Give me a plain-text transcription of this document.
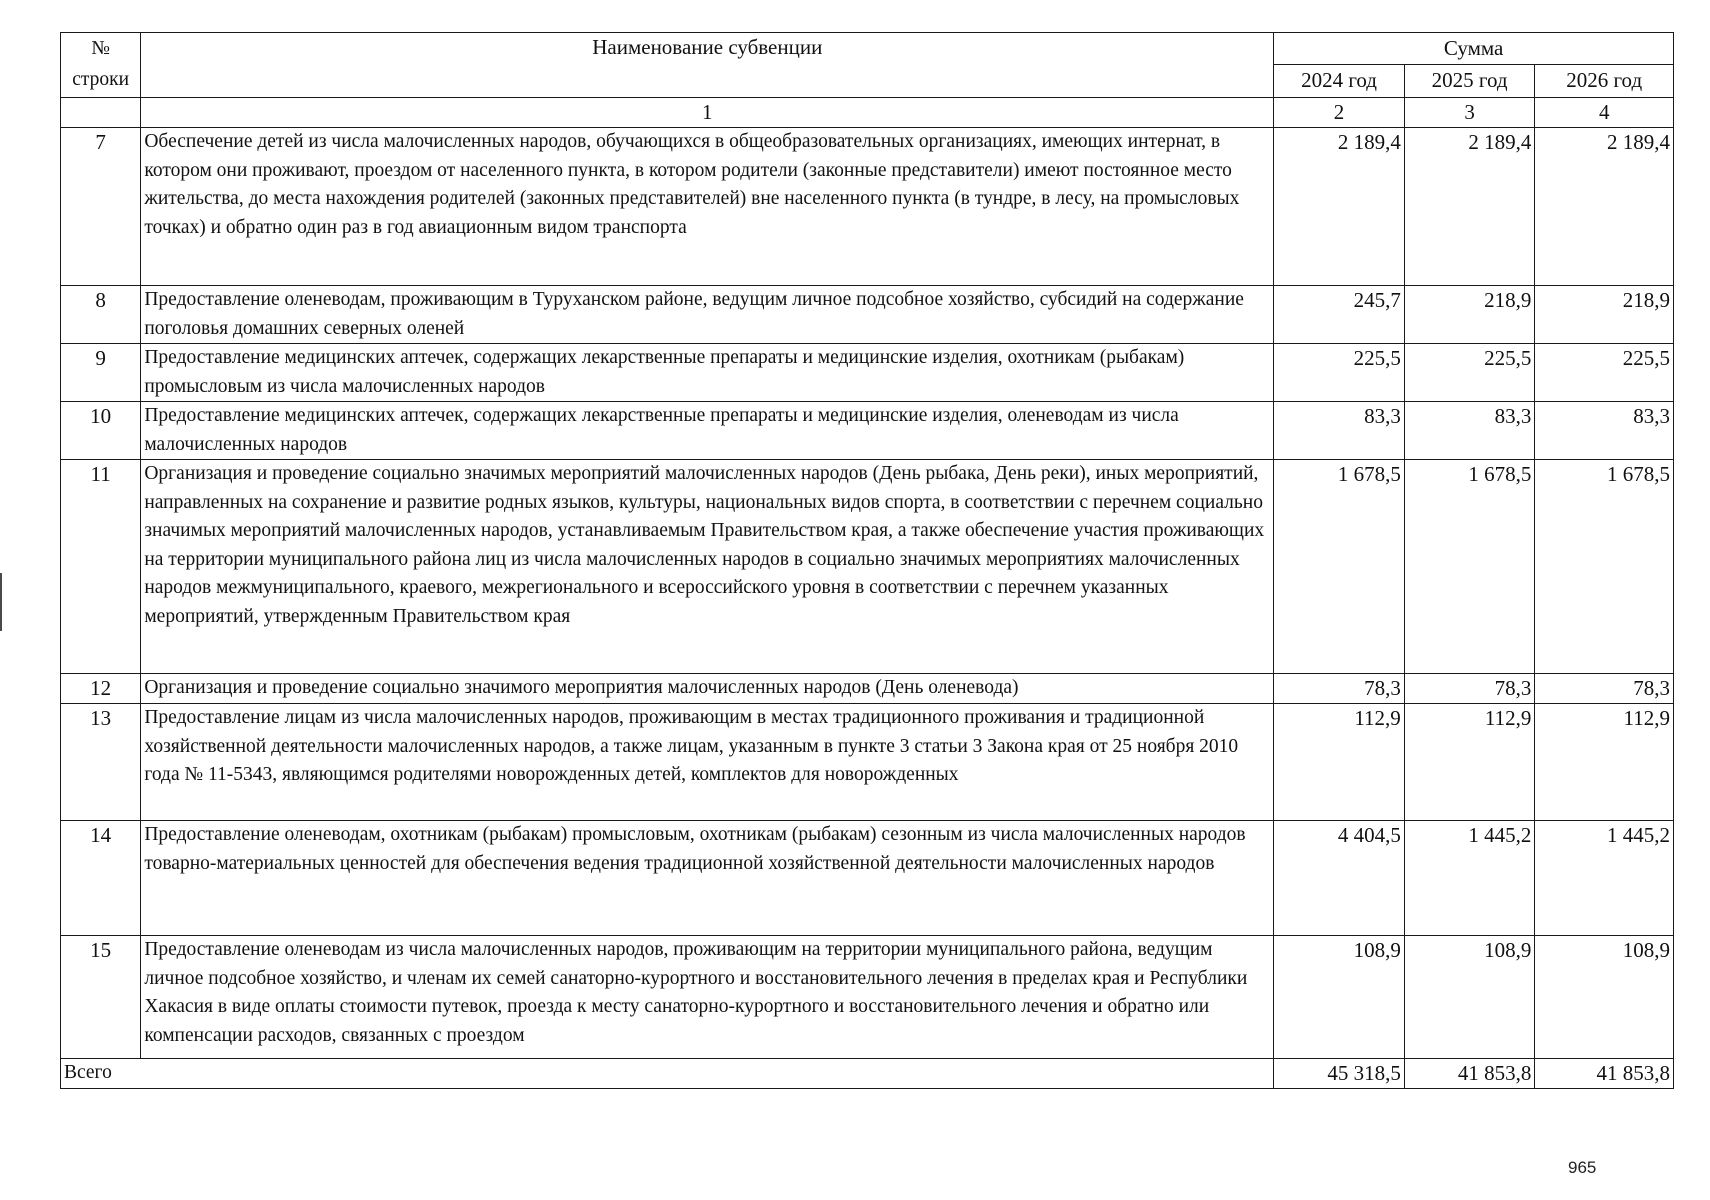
№
строки	Наименование субвенции	Сумма		
		2024 год	2025 год	2026 год
	1	2	3	4
7	Обеспечение детей из числа малочисленных народов, обучающихся в общеобразовательных организациях, имеющих интернат, в котором они проживают, проездом от населенного пункта, в котором родители (законные представители) имеют постоянное место жительства, до места нахождения родителей (законных представителей) вне населенного пункта (в тундре, в лесу, на промысловых точках) и обратно один раз в год авиационным видом транспорта	2 189,4	2 189,4	2 189,4
8	Предоставление оленеводам, проживающим в Туруханском районе, ведущим личное подсобное хозяйство, субсидий на содержание поголовья домашних северных оленей	245,7	218,9	218,9
9	Предоставление медицинских аптечек, содержащих лекарственные препараты и медицинские изделия, охотникам (рыбакам) промысловым из числа малочисленных народов	225,5	225,5	225,5
10	Предоставление медицинских аптечек, содержащих лекарственные препараты и медицинские изделия, оленеводам из числа малочисленных народов	83,3	83,3	83,3
11	Организация и проведение социально значимых мероприятий малочисленных народов (День рыбака, День реки), иных мероприятий, направленных на сохранение и развитие родных языков, культуры, национальных видов спорта, в соответствии с перечнем социально значимых мероприятий малочисленных народов, устанавливаемым Правительством края, а также обеспечение участия проживающих на территории муниципального района лиц из числа малочисленных народов в социально значимых мероприятиях малочисленных народов межмуниципального, краевого, межрегионального и всероссийского уровня в соответствии с перечнем указанных мероприятий, утвержденным Правительством края	1 678,5	1 678,5	1 678,5
12	Организация и проведение социально значимого мероприятия малочисленных народов (День оленевода)	78,3	78,3	78,3
13	Предоставление лицам из числа малочисленных народов, проживающим в местах традиционного проживания и традиционной хозяйственной деятельности малочисленных народов, а также лицам, указанным в пункте 3 статьи 3 Закона края от 25 ноября 2010 года № 11-5343, являющимся родителями новорожденных детей, комплектов для новорожденных	112,9	112,9	112,9
14	Предоставление оленеводам, охотникам (рыбакам) промысловым, охотникам (рыбакам) сезонным из числа малочисленных народов товарно-материальных ценностей для обеспечения ведения традиционной хозяйственной деятельности малочисленных народов	4 404,5	1 445,2	1 445,2
15	Предоставление оленеводам из числа малочисленных народов, проживающим на территории муниципального района, ведущим личное подсобное хозяйство, и членам их семей санаторно-курортного и восстановительного лечения в пределах края и Республики Хакасия в виде оплаты стоимости путевок, проезда к месту санаторно-курортного и восстановительного лечения и обратно или компенсации расходов, связанных с проездом	108,9	108,9	108,9
Всего		45 318,5	41 853,8	41 853,8
965
